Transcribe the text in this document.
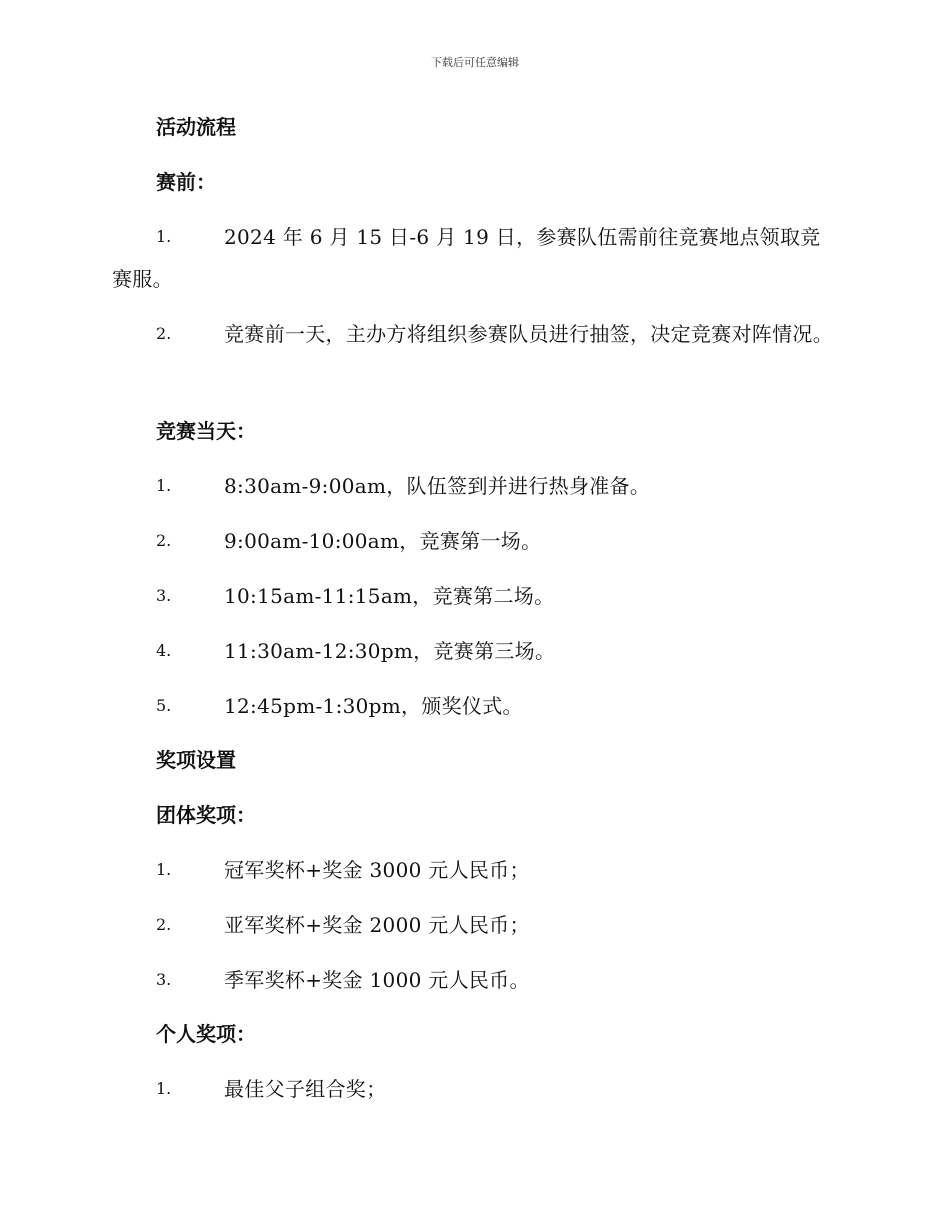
下载后可任意编辑
活动流程
赛前：
1.	2024 年 6 月 15 日-6 月 19 日，参赛队伍需前往竞赛地点领取竞赛服。
2.	竞赛前一天，主办方将组织参赛队员进行抽签，决定竞赛对阵情况。
竞赛当天：
1.	8:30am-9:00am，队伍签到并进行热身准备。
2.	9:00am-10:00am，竞赛第一场。
3.	10:15am-11:15am，竞赛第二场。
4.	11:30am-12:30pm，竞赛第三场。
5.	12:45pm-1:30pm，颁奖仪式。
奖项设置
团体奖项：
1.	冠军奖杯+奖金 3000 元人民币；
2.	亚军奖杯+奖金 2000 元人民币；
3.	季军奖杯+奖金 1000 元人民币。
个人奖项：
1.	最佳父子组合奖；
